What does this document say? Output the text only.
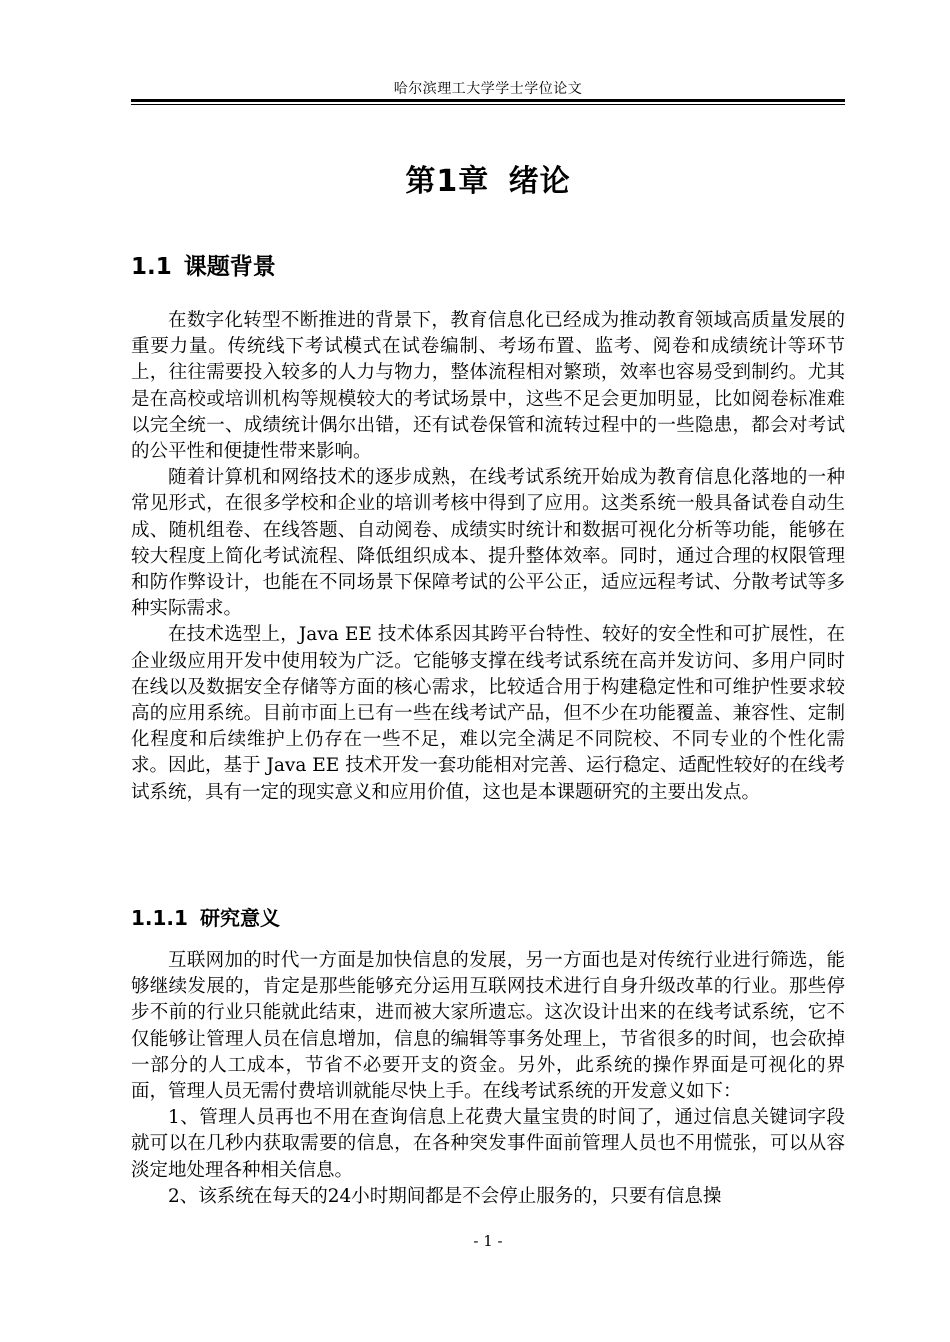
哈尔滨理工大学学士学位论文
第1章 绪论
1.1 课题背景

在数字化转型不断推进的背景下，教育信息化已经成为推动教育领域高质量发展的重要力量。传统线下考试模式在试卷编制、考场布置、监考、阅卷和成绩统计等环节上，往往需要投入较多的人力与物力，整体流程相对繁琐，效率也容易受到制约。尤其是在高校或培训机构等规模较大的考试场景中，这些不足会更加明显，比如阅卷标准难以完全统一、成绩统计偶尔出错，还有试卷保管和流转过程中的一些隐患，都会对考试的公平性和便捷性带来影响。

随着计算机和网络技术的逐步成熟，在线考试系统开始成为教育信息化落地的一种常见形式，在很多学校和企业的培训考核中得到了应用。这类系统一般具备试卷自动生成、随机组卷、在线答题、自动阅卷、成绩实时统计和数据可视化分析等功能，能够在较大程度上简化考试流程、降低组织成本、提升整体效率。同时，通过合理的权限管理和防作弊设计，也能在不同场景下保障考试的公平公正，适应远程考试、分散考试等多种实际需求。

在技术选型上，Java EE 技术体系因其跨平台特性、较好的安全性和可扩展性，在企业级应用开发中使用较为广泛。它能够支撑在线考试系统在高并发访问、多用户同时在线以及数据安全存储等方面的核心需求，比较适合用于构建稳定性和可维护性要求较高的应用系统。目前市面上已有一些在线考试产品，但不少在功能覆盖、兼容性、定制化程度和后续维护上仍存在一些不足，难以完全满足不同院校、不同专业的个性化需求。因此，基于 Java EE 技术开发一套功能相对完善、运行稳定、适配性较好的在线考试系统，具有一定的现实意义和应用价值，这也是本课题研究的主要出发点。

1.1.1 研究意义

互联网加的时代一方面是加快信息的发展，另一方面也是对传统行业进行筛选，能够继续发展的，肯定是那些能够充分运用互联网技术进行自身升级改革的行业。那些停步不前的行业只能就此结束，进而被大家所遗忘。这次设计出来的在线考试系统，它不仅能够让管理人员在信息增加，信息的编辑等事务处理上，节省很多的时间，也会砍掉一部分的人工成本，节省不必要开支的资金。另外，此系统的操作界面是可视化的界面，管理人员无需付费培训就能尽快上手。在线考试系统的开发意义如下：

1、管理人员再也不用在查询信息上花费大量宝贵的时间了，通过信息关键词字段就可以在几秒内获取需要的信息，在各种突发事件面前管理人员也不用慌张，可以从容淡定地处理各种相关信息。

2、该系统在每天的24小时期间都是不会停止服务的，只要有信息操

- 1 -
